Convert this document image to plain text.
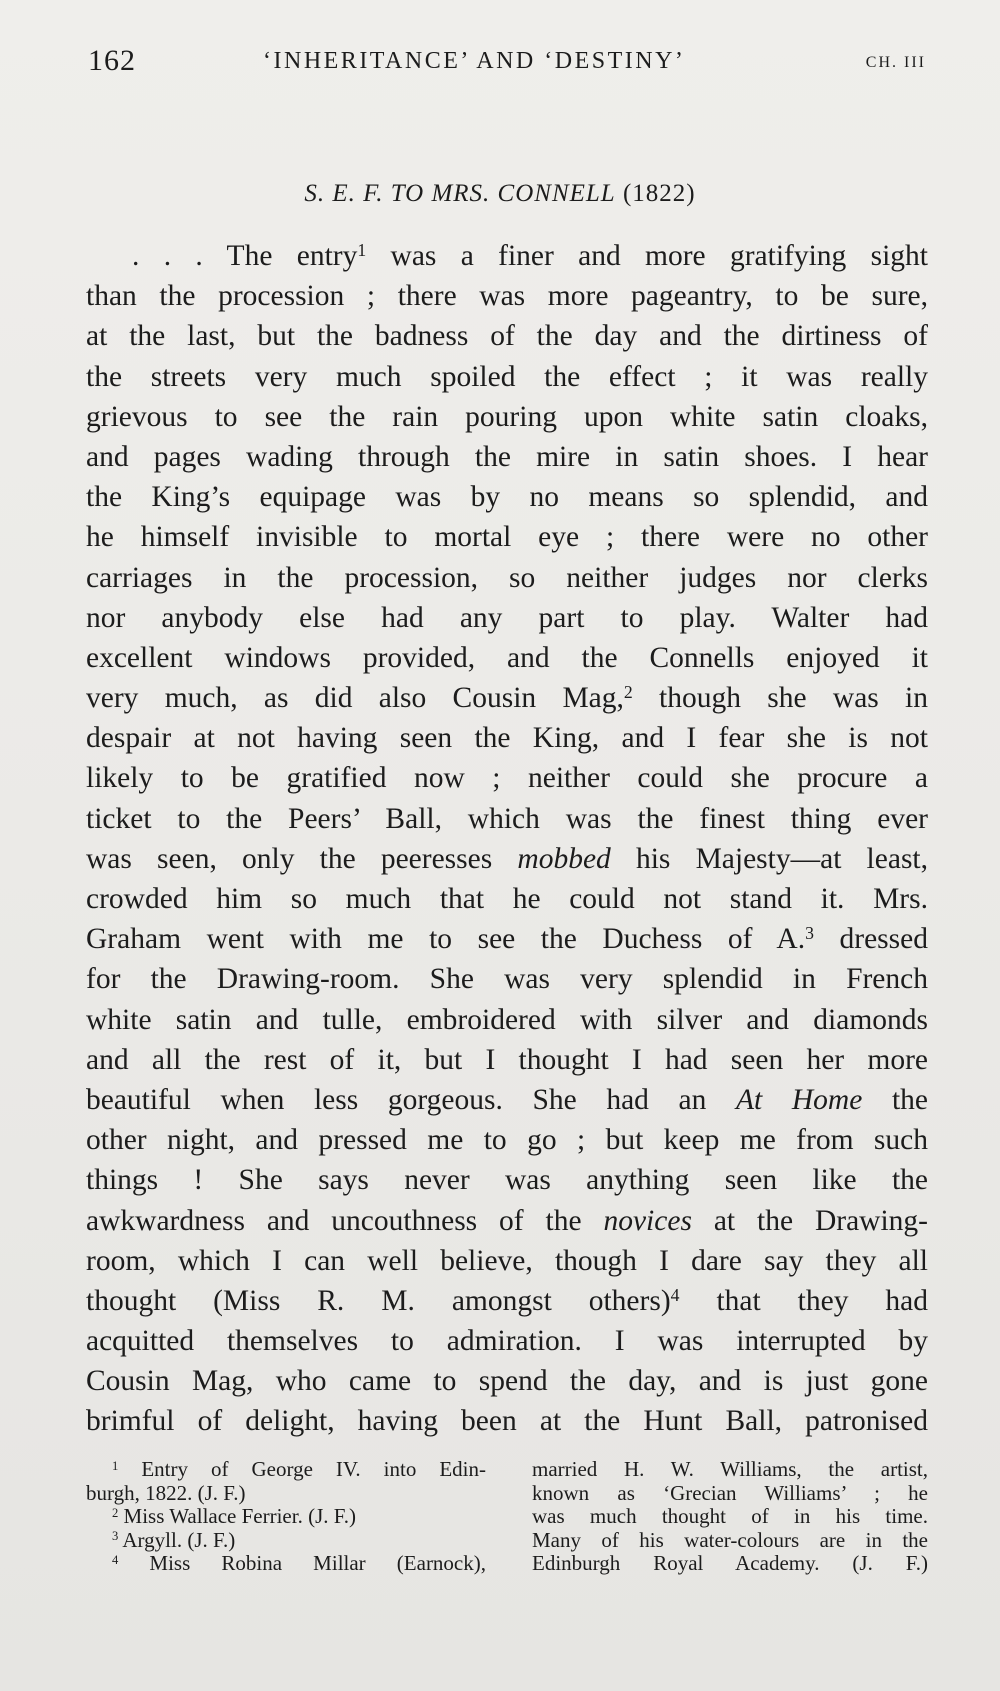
162	‘INHERITANCE’ AND ‘DESTINY’	CH. III
S. E. F. TO MRS. CONNELL (1822)
. . . The entry$^1$ was a finer and more gratifying sight
than the procession ; there was more pageantry, to be sure,
at the last, but the badness of the day and the dirtiness of
the streets very much spoiled the effect ; it was really
grievous to see the rain pouring upon white satin cloaks,
and pages wading through the mire in satin shoes. I hear
the King’s equipage was by no means so splendid, and
he himself invisible to mortal eye ; there were no other
carriages in the procession, so neither judges nor clerks
nor anybody else had any part to play. Walter had
excellent windows provided, and the Connells enjoyed it
very much, as did also Cousin Mag,$^2$ though she was in
despair at not having seen the King, and I fear she is not
likely to be gratified now ; neither could she procure a
ticket to the Peers’ Ball, which was the finest thing ever
was seen, only the peeresses mobbed his Majesty—at least,
crowded him so much that he could not stand it. Mrs.
Graham went with me to see the Duchess of A.$^3$ dressed
for the Drawing-room. She was very splendid in French
white satin and tulle, embroidered with silver and diamonds
and all the rest of it, but I thought I had seen her more
beautiful when less gorgeous. She had an At Home the
other night, and pressed me to go ; but keep me from such
things ! She says never was anything seen like the
awkwardness and uncouthness of the novices at the Drawing-
room, which I can well believe, though I dare say they all
thought (Miss R. M. amongst others)$^4$ that they had
acquitted themselves to admiration. I was interrupted by
Cousin Mag, who came to spend the day, and is just gone
brimful of delight, having been at the Hunt Ball, patronised
$^1$ Entry of George IV. into Edin-
burgh, 1822. (J. F.)
$^2$ Miss Wallace Ferrier. (J. F.)
$^3$ Argyll. (J. F.)
$^4$ Miss Robina Millar (Earnock),
married H. W. Williams, the artist,
known as ‘Grecian Williams’ ; he
was much thought of in his time.
Many of his water-colours are in the
Edinburgh Royal Academy. (J. F.)
